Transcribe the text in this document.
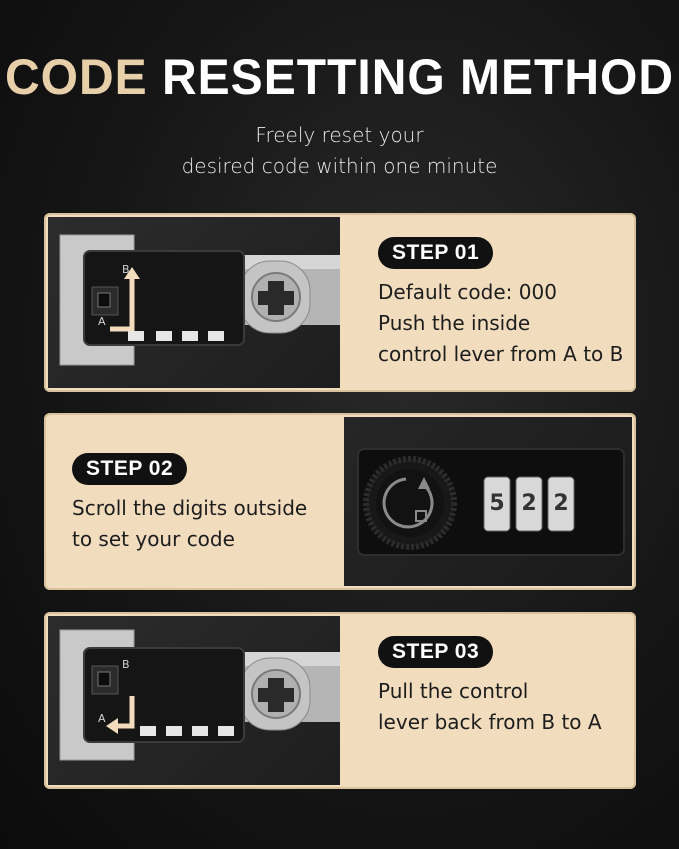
CODE RESETTING METHOD
Freely reset your
desired code within one minute
B
A
STEP 01
Default code: 000
Push the inside
control lever from A to B
STEP 02
Scroll the digits outside
to set your code
5 2 2
B
A
STEP 03
Pull the control
lever back from B to A
